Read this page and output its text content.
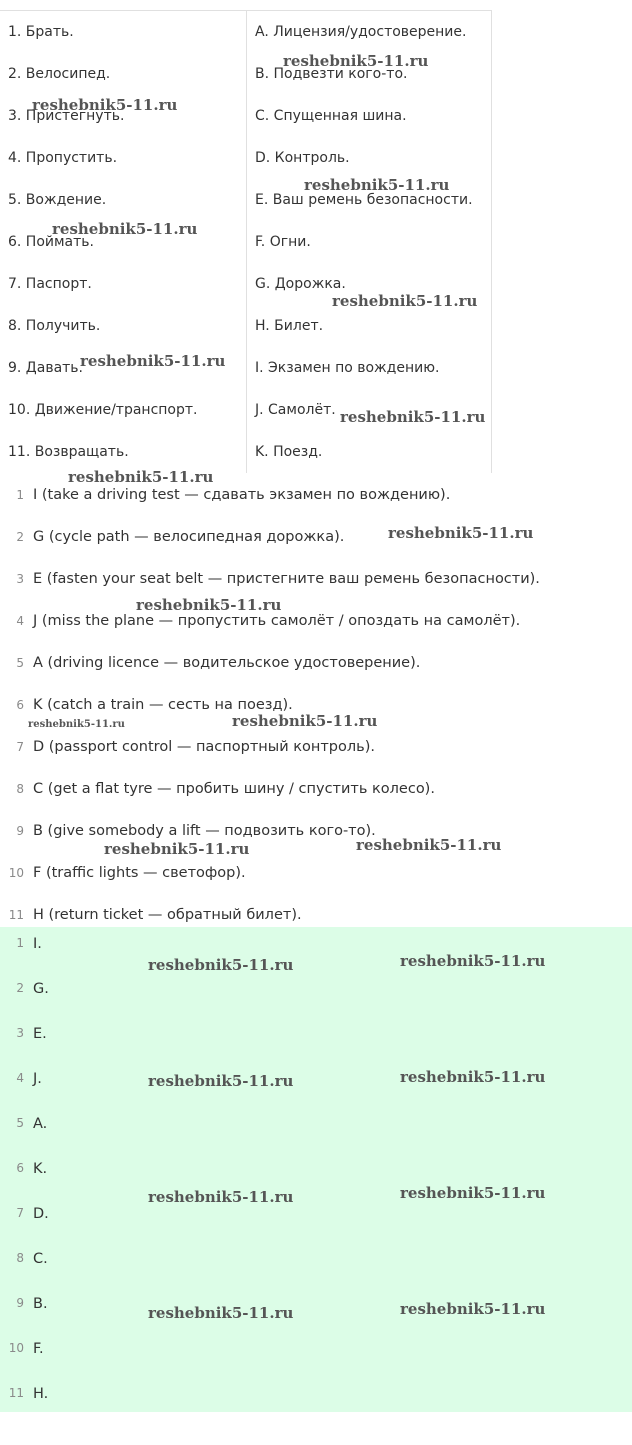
1. Брать.	A. Лицензия/удостоверение.
2. Велосипед.	B. Подвезти кого-то.
3. Пристегнуть.	C. Спущенная шина.
4. Пропустить.	D. Контроль.
5. Вождение.	E. Ваш ремень безопасности.
6. Поймать.	F. Огни.
7. Паспорт.	G. Дорожка.
8. Получить.	H. Билет.
9. Давать.	I. Экзамен по вождению.
10. Движение/транспорт.	J. Самолёт.
11. Возвращать.	K. Поезд.
1 I (take a driving test — сдавать экзамен по вождению).
2 G (cycle path — велосипедная дорожка).
3 E (fasten your seat belt — пристегните ваш ремень безопасности).
4 J (miss the plane — пропустить самолёт / опоздать на самолёт).
5 A (driving licence — водительское удостоверение).
6 K (catch a train — сесть на поезд).
7 D (passport control — паспортный контроль).
8 C (get a flat tyre — пробить шину / спустить колесо).
9 B (give somebody a lift — подвозить кого-то).
10 F (traffic lights — светофор).
11 H (return ticket — обратный билет).
1 I.
2 G.
3 E.
4 J.
5 A.
6 K.
7 D.
8 C.
9 B.
10 F.
11 H.
reshebnik5-11.ru
reshebnik5-11.ru
reshebnik5-11.ru
reshebnik5-11.ru
reshebnik5-11.ru
reshebnik5-11.ru
reshebnik5-11.ru
reshebnik5-11.ru
reshebnik5-11.ru
reshebnik5-11.ru
reshebnik5-11.ru	reshebnik5-11.ru
reshebnik5-11.ru	reshebnik5-11.ru
reshebnik5-11.ru	reshebnik5-11.ru
reshebnik5-11.ru	reshebnik5-11.ru
reshebnik5-11.ru	reshebnik5-11.ru
reshebnik5-11.ru	reshebnik5-11.ru
